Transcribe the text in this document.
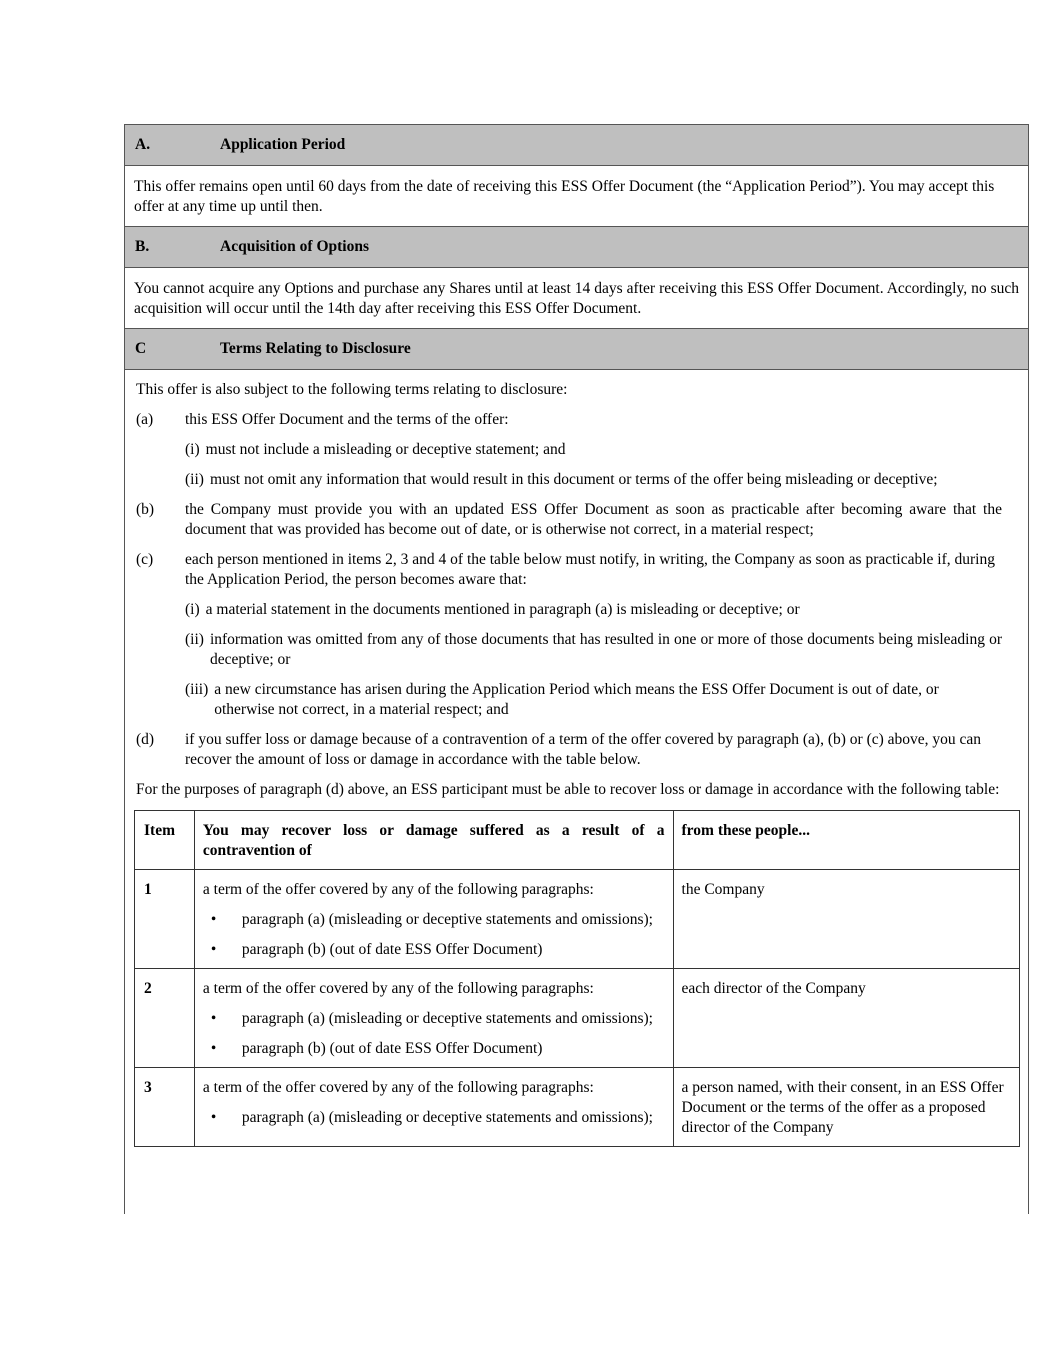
A.	Application Period
This offer remains open until 60 days from the date of receiving this ESS Offer Document (the “Application Period”). You may accept this offer at any time up until then.
B.	Acquisition of Options
You cannot acquire any Options and purchase any Shares until at least 14 days after receiving this ESS Offer Document. Accordingly, no such acquisition will occur until the 14th day after receiving this ESS Offer Document.
C	Terms Relating to Disclosure
This offer is also subject to the following terms relating to disclosure:
(a)	this ESS Offer Document and the terms of the offer:
(i) must not include a misleading or deceptive statement; and
(ii) must not omit any information that would result in this document or terms of the offer being misleading or deceptive;
(b)	the Company must provide you with an updated ESS Offer Document as soon as practicable after becoming aware that the document that was provided has become out of date, or is otherwise not correct, in a material respect;
(c)	each person mentioned in items 2, 3 and 4 of the table below must notify, in writing, the Company as soon as practicable if, during the Application Period, the person becomes aware that:
(i) a material statement in the documents mentioned in paragraph (a) is misleading or deceptive; or
(ii) information was omitted from any of those documents that has resulted in one or more of those documents being misleading or deceptive; or
(iii) a new circumstance has arisen during the Application Period which means the ESS Offer Document is out of date, or otherwise not correct, in a material respect; and
(d)	if you suffer loss or damage because of a contravention of a term of the offer covered by paragraph (a), (b) or (c) above, you can recover the amount of loss or damage in accordance with the table below.
For the purposes of paragraph (d) above, an ESS participant must be able to recover loss or damage in accordance with the following table:
Item	You may recover loss or damage suffered as a result of a contravention of	from these people...
1	a term of the offer covered by any of the following paragraphs:
• paragraph (a) (misleading or deceptive statements and omissions);
• paragraph (b) (out of date ESS Offer Document)	the Company
2	a term of the offer covered by any of the following paragraphs:
• paragraph (a) (misleading or deceptive statements and omissions);
• paragraph (b) (out of date ESS Offer Document)	each director of the Company
3	a term of the offer covered by any of the following paragraphs:
• paragraph (a) (misleading or deceptive statements and omissions);	a person named, with their consent, in an ESS Offer Document or the terms of the offer as a proposed director of the Company
